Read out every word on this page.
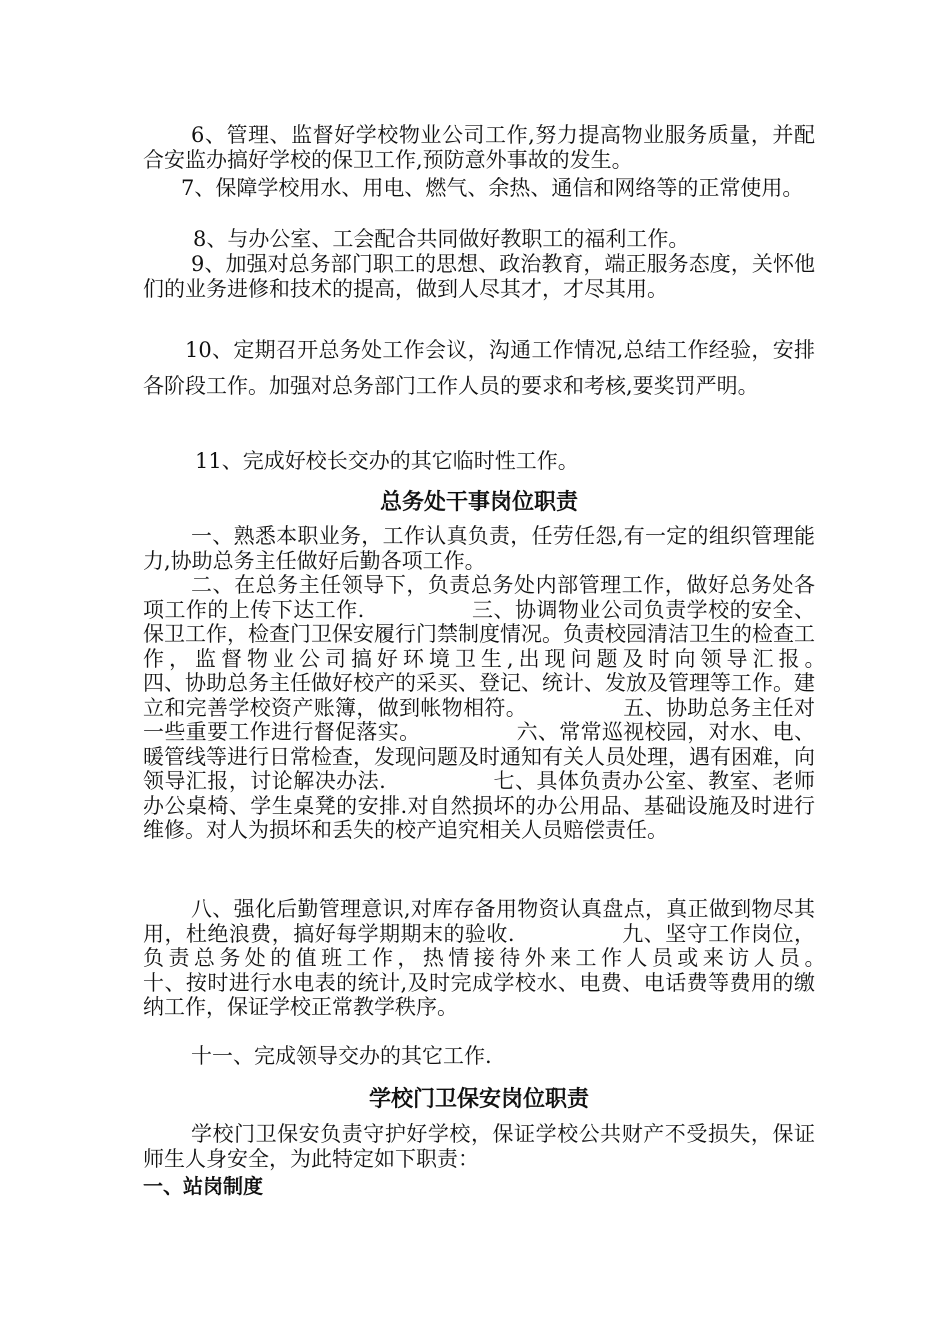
6、管理、监督好学校物业公司工作,努力提高物业服务质量，并配合安监办搞好学校的保卫工作,预防意外事故的发生。

7、保障学校用水、用电、燃气、余热、通信和网络等的正常使用。

8、与办公室、工会配合共同做好教职工的福利工作。

9、加强对总务部门职工的思想、政治教育，端正服务态度，关怀他们的业务进修和技术的提高，做到人尽其才，才尽其用。

10、定期召开总务处工作会议，沟通工作情况,总结工作经验，安排各阶段工作。加强对总务部门工作人员的要求和考核,要奖罚严明。

11、完成好校长交办的其它临时性工作。

总务处干事岗位职责

一、熟悉本职业务，工作认真负责，任劳任怨,有一定的组织管理能力,协助总务主任做好后勤各项工作。

二、在总务主任领导下，负责总务处内部管理工作，做好总务处各项工作的上传下达工作.　　　　　三、协调物业公司负责学校的安全、保卫工作，检查门卫保安履行门禁制度情况。负责校园清洁卫生的检查工作，监督物业公司搞好环境卫生,出现问题及时向领导汇报。　　　　　四、协助总务主任做好校产的采买、登记、统计、发放及管理等工作。建立和完善学校资产账簿，做到帐物相符。　　　　　五、协助总务主任对一些重要工作进行督促落实。　　　　　六、常常巡视校园，对水、电、暖管线等进行日常检查，发现问题及时通知有关人员处理，遇有困难，向领导汇报，讨论解决办法.　　　　　七、具体负责办公室、教室、老师办公桌椅、学生桌凳的安排.对自然损坏的办公用品、基础设施及时进行维修。对人为损坏和丢失的校产追究相关人员赔偿责任。

八、强化后勤管理意识,对库存备用物资认真盘点，真正做到物尽其用，杜绝浪费，搞好每学期期末的验收.　　　　　九、坚守工作岗位，负责总务处的值班工作，热情接待外来工作人员或来访人员。　　　　　十、按时进行水电表的统计,及时完成学校水、电费、电话费等费用的缴纳工作，保证学校正常教学秩序。

十一、完成领导交办的其它工作.

学校门卫保安岗位职责

学校门卫保安负责守护好学校，保证学校公共财产不受损失，保证师生人身安全，为此特定如下职责：

一、站岗制度
